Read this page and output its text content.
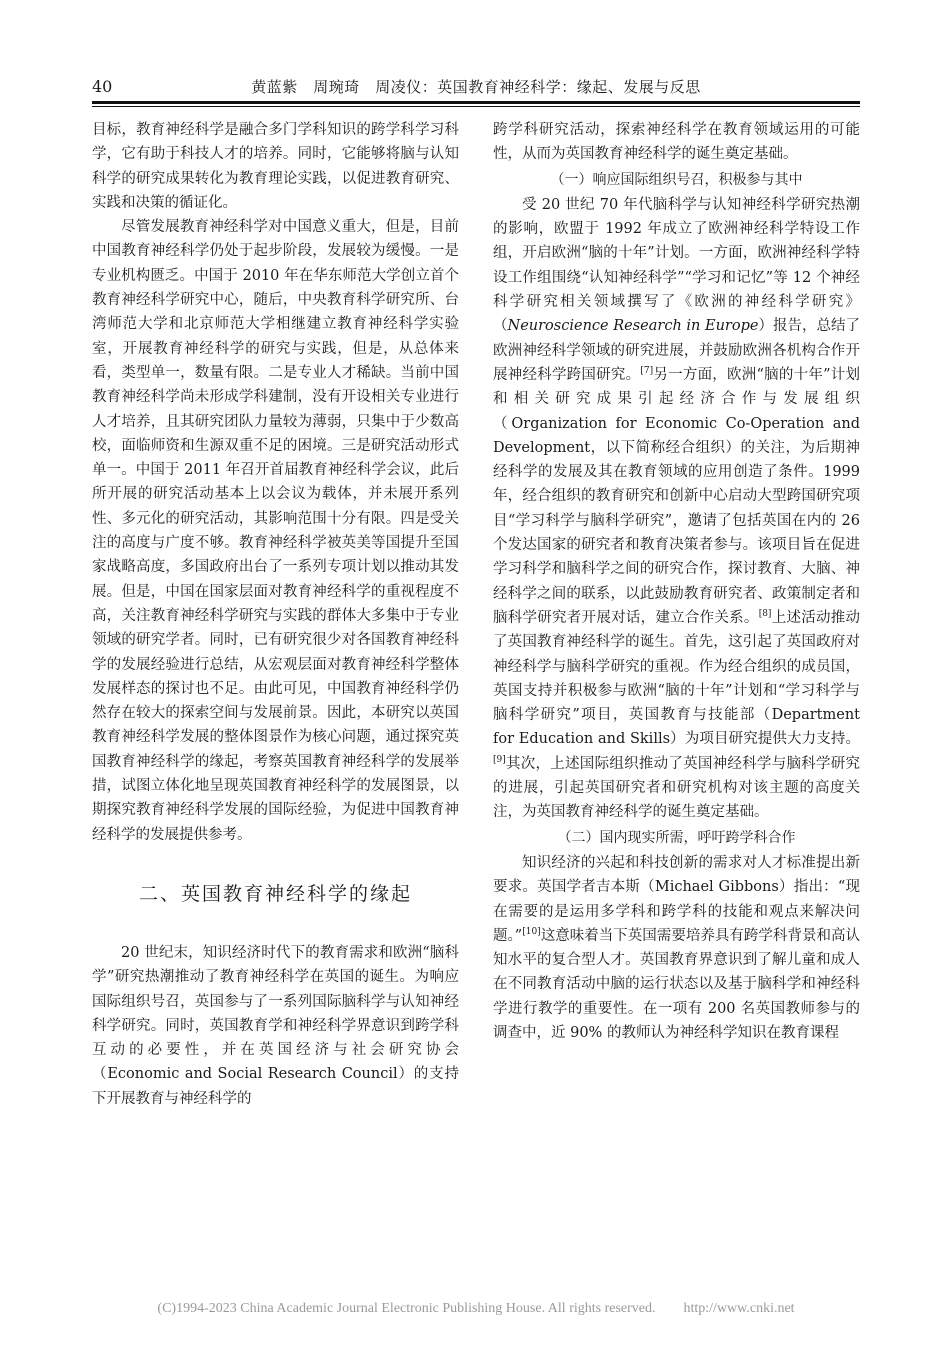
40	黄蓝紫　周琬琦　周凌仪：英国教育神经科学：缘起、发展与反思

目标，教育神经科学是融合多门学科知识的跨学科学习科学，它有助于科技人才的培养。同时，它能够将脑与认知科学的研究成果转化为教育理论实践，以促进教育研究、实践和决策的循证化。

尽管发展教育神经科学对中国意义重大，但是，目前中国教育神经科学仍处于起步阶段，发展较为缓慢。一是专业机构匮乏。中国于 2010 年在华东师范大学创立首个教育神经科学研究中心，随后，中央教育科学研究所、台湾师范大学和北京师范大学相继建立教育神经科学实验室，开展教育神经科学的研究与实践，但是，从总体来看，类型单一，数量有限。二是专业人才稀缺。当前中国教育神经科学尚未形成学科建制，没有开设相关专业进行人才培养，且其研究团队力量较为薄弱，只集中于少数高校，面临师资和生源双重不足的困境。三是研究活动形式单一。中国于 2011 年召开首届教育神经科学会议，此后所开展的研究活动基本上以会议为载体，并未展开系列性、多元化的研究活动，其影响范围十分有限。四是受关注的高度与广度不够。教育神经科学被英美等国提升至国家战略高度，多国政府出台了一系列专项计划以推动其发展。但是，中国在国家层面对教育神经科学的重视程度不高，关注教育神经科学研究与实践的群体大多集中于专业领域的研究学者。同时，已有研究很少对各国教育神经科学的发展经验进行总结，从宏观层面对教育神经科学整体发展样态的探讨也不足。由此可见，中国教育神经科学仍然存在较大的探索空间与发展前景。因此，本研究以英国教育神经科学发展的整体图景作为核心问题，通过探究英国教育神经科学的缘起，考察英国教育神经科学的发展举措，试图立体化地呈现英国教育神经科学的发展图景，以期探究教育神经科学发展的国际经验，为促进中国教育神经科学的发展提供参考。

二、英国教育神经科学的缘起

20 世纪末，知识经济时代下的教育需求和欧洲“脑科学”研究热潮推动了教育神经科学在英国的诞生。为响应国际组织号召，英国参与了一系列国际脑科学与认知神经科学研究。同时，英国教育学和神经科学界意识到跨学科互动的必要性，并在英国经济与社会研究协会（Economic and Social Research Council）的支持下开展教育与神经科学的

跨学科研究活动，探索神经科学在教育领域运用的可能性，从而为英国教育神经科学的诞生奠定基础。

（一）响应国际组织号召，积极参与其中

受 20 世纪 70 年代脑科学与认知神经科学研究热潮的影响，欧盟于 1992 年成立了欧洲神经科学特设工作组，开启欧洲“脑的十年”计划。一方面，欧洲神经科学特设工作组围绕“认知神经科学”“学习和记忆”等 12 个神经科学研究相关领域撰写了《欧洲的神经科学研究》（Neuroscience Research in Europe）报告，总结了欧洲神经科学领域的研究进展，并鼓励欧洲各机构合作开展神经科学跨国研究。[7]另一方面，欧洲“脑的十年”计划和相关研究成果引起经济合作与发展组织（Organization for Economic Co-Operation and Development，以下简称经合组织）的关注，为后期神经科学的发展及其在教育领域的应用创造了条件。1999 年，经合组织的教育研究和创新中心启动大型跨国研究项目“学习科学与脑科学研究”，邀请了包括英国在内的 26 个发达国家的研究者和教育决策者参与。该项目旨在促进学习科学和脑科学之间的研究合作，探讨教育、大脑、神经科学之间的联系，以此鼓励教育研究者、政策制定者和脑科学研究者开展对话，建立合作关系。[8]上述活动推动了英国教育神经科学的诞生。首先，这引起了英国政府对神经科学与脑科学研究的重视。作为经合组织的成员国，英国支持并积极参与欧洲“脑的十年”计划和“学习科学与脑科学研究”项目，英国教育与技能部（Department for Education and Skills）为项目研究提供大力支持。[9]其次，上述国际组织推动了英国神经科学与脑科学研究的进展，引起英国研究者和研究机构对该主题的高度关注，为英国教育神经科学的诞生奠定基础。

（二）国内现实所需，呼吁跨学科合作

知识经济的兴起和科技创新的需求对人才标准提出新要求。英国学者吉本斯（Michael Gibbons）指出：“现在需要的是运用多学科和跨学科的技能和观点来解决问题。”[10]这意味着当下英国需要培养具有跨学科背景和高认知水平的复合型人才。英国教育界意识到了解儿童和成人在不同教育活动中脑的运行状态以及基于脑科学和神经科学进行教学的重要性。在一项有 200 名英国教师参与的调查中，近 90% 的教师认为神经科学知识在教育课程

(C)1994-2023 China Academic Journal Electronic Publishing House. All rights reserved.　　http://www.cnki.net
